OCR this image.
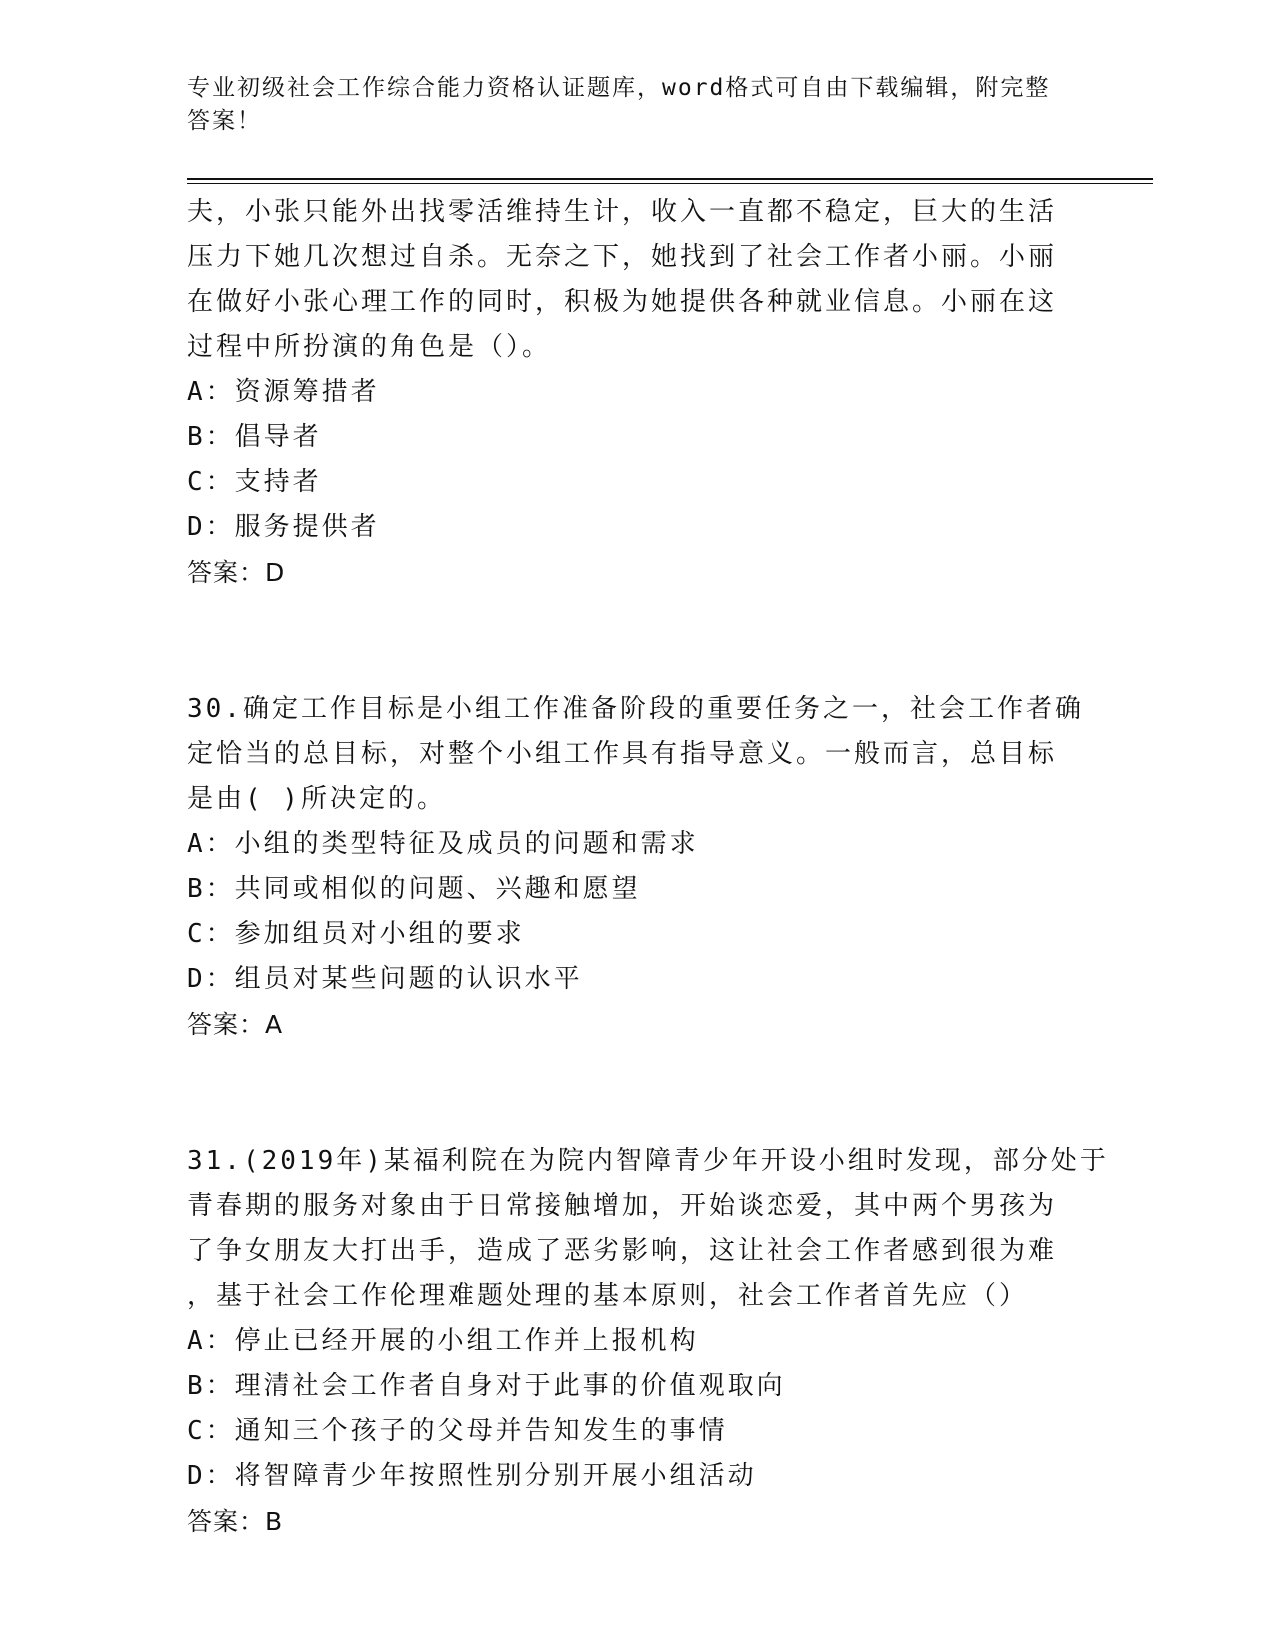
专业初级社会工作综合能力资格认证题库，word格式可自由下载编辑，附完整答案！
夫，小张只能外出找零活维持生计，收入一直都不稳定，巨大的生活
压力下她几次想过自杀。无奈之下，她找到了社会工作者小丽。小丽
在做好小张心理工作的同时，积极为她提供各种就业信息。小丽在这
过程中所扮演的角色是（）。
A：资源筹措者
B：倡导者
C：支持者
D：服务提供者
答案：D
30.确定工作目标是小组工作准备阶段的重要任务之一，社会工作者确
定恰当的总目标，对整个小组工作具有指导意义。一般而言，总目标
是由( )所决定的。
A：小组的类型特征及成员的问题和需求
B：共同或相似的问题、兴趣和愿望
C：参加组员对小组的要求
D：组员对某些问题的认识水平
答案：A
31.(2019年)某福利院在为院内智障青少年开设小组时发现，部分处于
青春期的服务对象由于日常接触增加，开始谈恋爱，其中两个男孩为
了争女朋友大打出手，造成了恶劣影响，这让社会工作者感到很为难
，基于社会工作伦理难题处理的基本原则，社会工作者首先应（）
A：停止已经开展的小组工作并上报机构
B：理清社会工作者自身对于此事的价值观取向
C：通知三个孩子的父母并告知发生的事情
D：将智障青少年按照性别分别开展小组活动
答案：B
